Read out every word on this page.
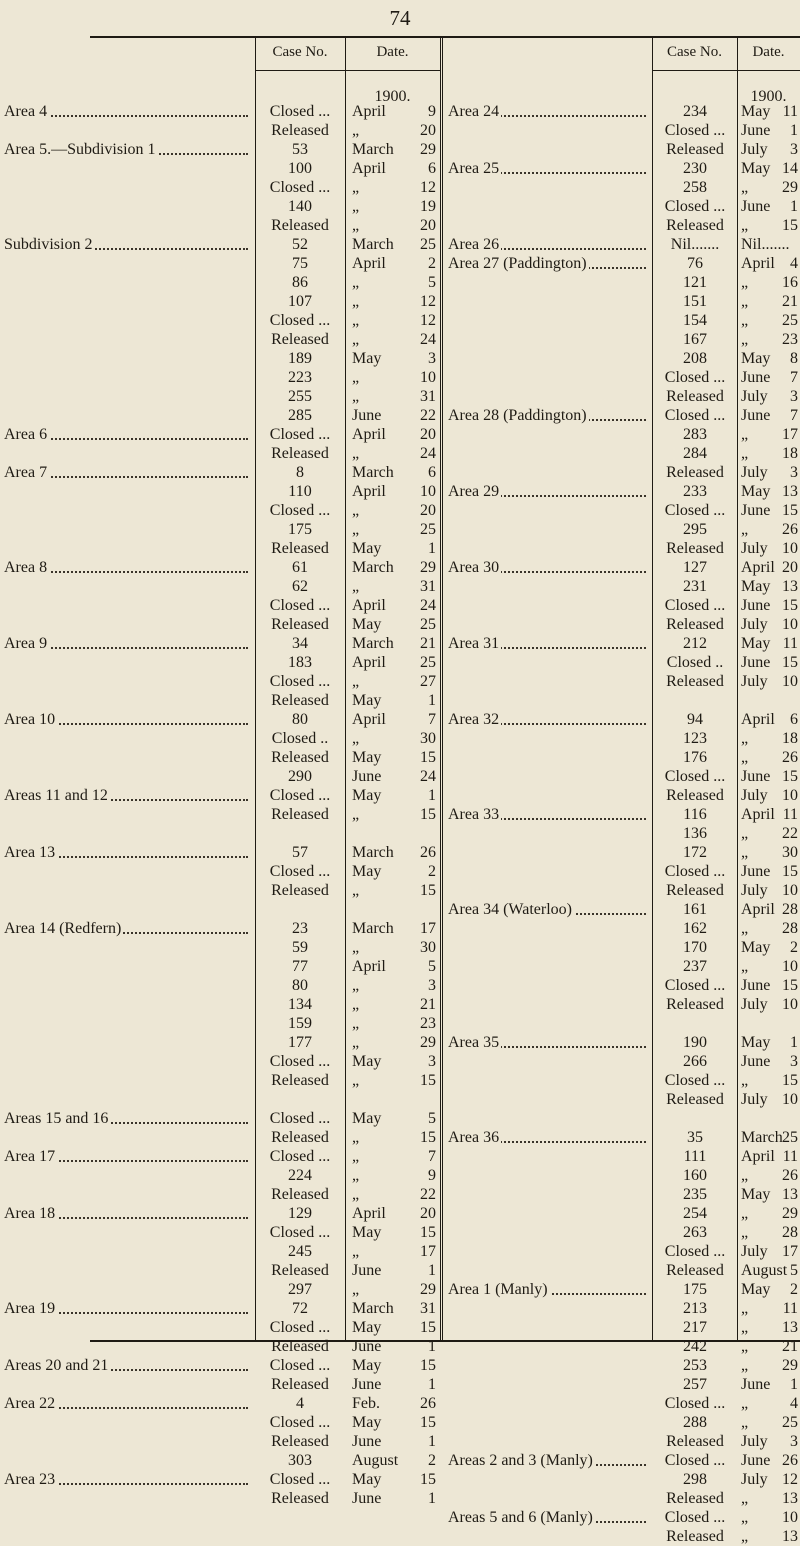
74
Case No.	Date.	Case No.	Date.
1900.	1900.
Area 4	Closed ...	April	9
Released	„	20
Area 5.—Subdivision 1	53	March	29
100	April	6
Closed ...	„	12
140	„	19
Released	„	20
Subdivision 2	52	March	25
75	April	2
86	„	5
107	„	12
Closed ...	„	12
Released	„	24
189	May	3
223	„	10
255	„	31
285	June	22
Area 6	Closed ...	April	20
Released	„	24
Area 7	8	March	6
110	April	10
Closed ...	„	20
175	„	25
Released	May	1
Area 8	61	March	29
62	„	31
Closed ...	April	24
Released	May	25
Area 9	34	March	21
183	April	25
Closed ...	„	27
Released	May	1
Area 10	80	April	7
Closed ..	„	30
Released	May	15
290	June	24
Areas 11 and 12	Closed ...	May	1
Released	„	15
Area 13	57	March	26
Closed ...	May	2
Released	„	15
Area 14 (Redfern)	23	March	17
59	„	30
77	April	5
80	„	3
134	„	21
159	„	23
177	„	29
Closed ...	May	3
Released	„	15
Areas 15 and 16	Closed ...	May	5
Released	„	15
Area 17	Closed ...	„	7
224	„	9
Released	„	22
Area 18	129	April	20
Closed ...	May	15
245	„	17
Released	June	1
297	„	29
Area 19	72	March	31
Closed ...	May	15
Released	June	1
Areas 20 and 21	Closed ...	May	15
Released	June	1
Area 22	4	Feb.	26
Closed ...	May	15
Released	June	1
303	August	2
Area 23	Closed ...	May	15
Released	June	1
Area 24	234	May 11
Closed ... June	1
Released	July	3
Area 25	230	May 14
258	„	29
Closed ... June	1
Released	„	15
Area 26	Nil.......	Nil.......
Area 27 (Paddington)	76	April 4
121	„	16
151	„	21
154	„	25
167	„	23
208	May	8
Closed ... June	7
Released	July	3
Area 28 (Paddington)	Closed ... June	7
283	„	17
284	„	18
Released	July	3
Area 29	233	May 13
Closed ... June 15
295	„	26
Released	July 10
Area 30	127	April 20
231	May 13
Closed ... June 15
Released	July 10
Area 31	212	May 11
Closed ..	June 15
Released	July 10
Area 32	94	April 6
123	„	18
176	„	26
Closed ... June 15
Released	July 10
Area 33	116	April 11
136	„	22
172	„	30
Closed ... June 15
Released	July 10
Area 34 (Waterloo)	161	April 28
162	„	28
170	May	2
237	„	10
Closed ... June 15
Released	July 10
Area 35	190	May	1
266	June	3
Closed ... „	15
Released	July 10
Area 36	35	March 25
111	April 11
160	„	26
235	May 13
254	„	29
263	„	28
Closed ... July 17
Released	August 5
Area 1 (Manly)	175	May	2
213	„	11
217	„	13
242	„	21
253	„	29
257	June	1
Closed ... „	4
288	„	25
Released	July	3
Areas 2 and 3 (Manly)	Closed ... June 26
298	July 12
Released	„	13
Areas 5 and 6 (Manly)	Closed ... „	10
Released	„	13
